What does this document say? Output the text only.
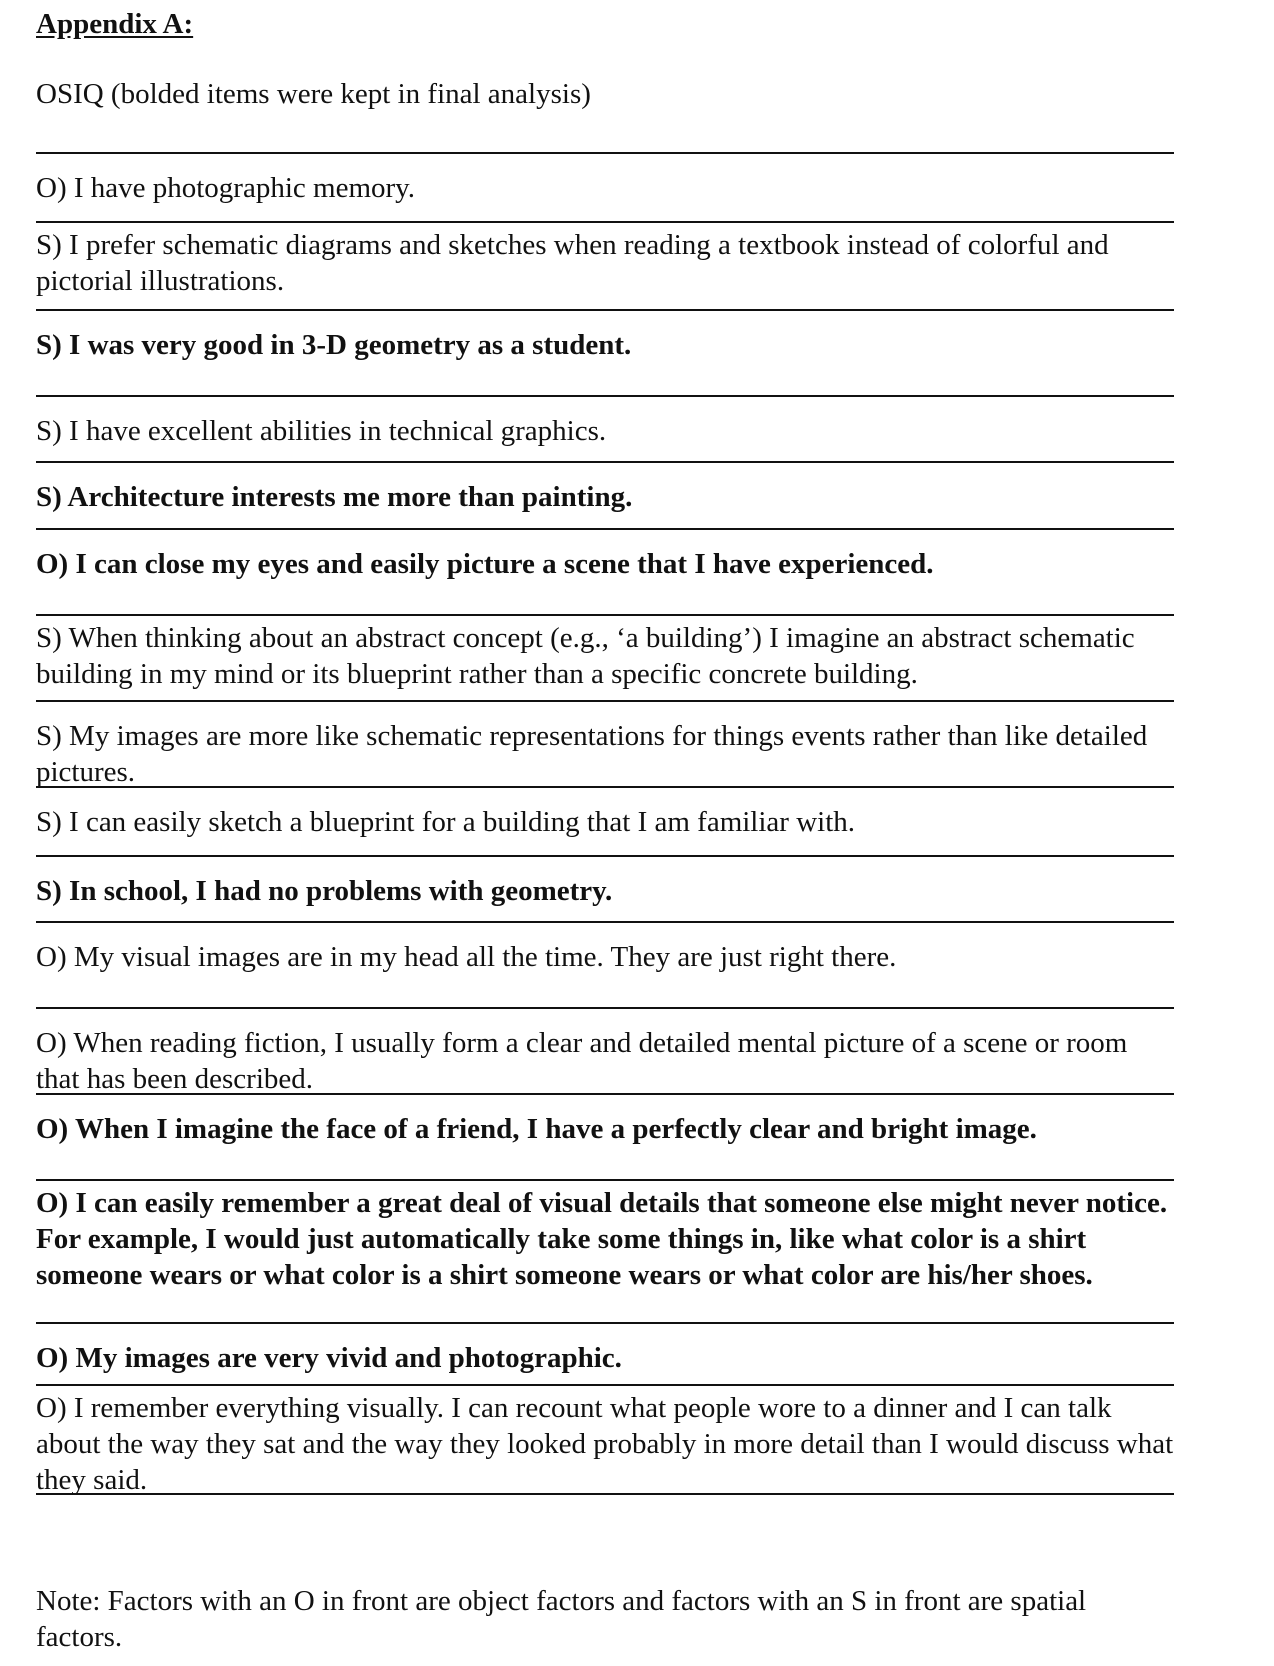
Appendix A:
OSIQ (bolded items were kept in final analysis)
O) I have photographic memory.
S) I prefer schematic diagrams and sketches when reading a textbook instead of colorful and pictorial illustrations.
S) I was very good in 3-D geometry as a student.
S) I have excellent abilities in technical graphics.
S) Architecture interests me more than painting.
O) I can close my eyes and easily picture a scene that I have experienced.
S) When thinking about an abstract concept (e.g., ‘a building’) I imagine an abstract schematic building in my mind or its blueprint rather than a specific concrete building.
S) My images are more like schematic representations for things events rather than like detailed pictures.
S) I can easily sketch a blueprint for a building that I am familiar with.
S) In school, I had no problems with geometry.
O) My visual images are in my head all the time. They are just right there.
O) When reading fiction, I usually form a clear and detailed mental picture of a scene or room that has been described.
O) When I imagine the face of a friend, I have a perfectly clear and bright image.
O) I can easily remember a great deal of visual details that someone else might never notice. For example, I would just automatically take some things in, like what color is a shirt someone wears or what color is a shirt someone wears or what color are his/her shoes.
O) My images are very vivid and photographic.
O) I remember everything visually. I can recount what people wore to a dinner and I can talk about the way they sat and the way they looked probably in more detail than I would discuss what they said.
Note: Factors with an O in front are object factors and factors with an S in front are spatial factors.
